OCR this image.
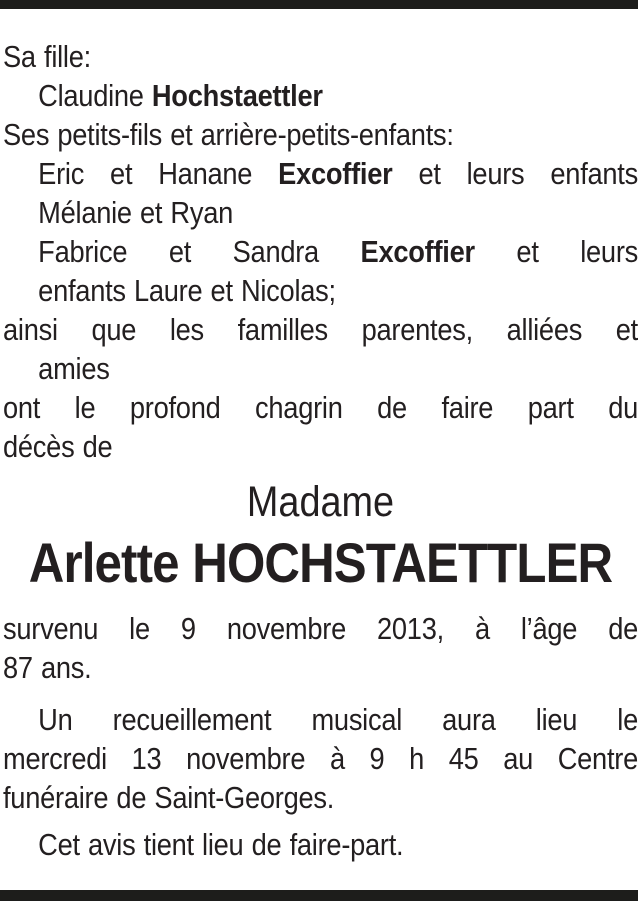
Sa fille:
Claudine Hochstaettler
Ses petits-fils et arrière-petits-enfants:
Eric et Hanane Excoffier et leurs enfants
Mélanie et Ryan
Fabrice et Sandra Excoffier et leurs
enfants Laure et Nicolas;
ainsi que les familles parentes, alliées et
amies
ont le profond chagrin de faire part du
décès de
Madame
Arlette HOCHSTAETTLER
survenu le 9 novembre 2013, à l’âge de
87 ans.
Un recueillement musical aura lieu le
mercredi 13 novembre à 9 h 45 au Centre
funéraire de Saint-Georges.
Cet avis tient lieu de faire-part.
